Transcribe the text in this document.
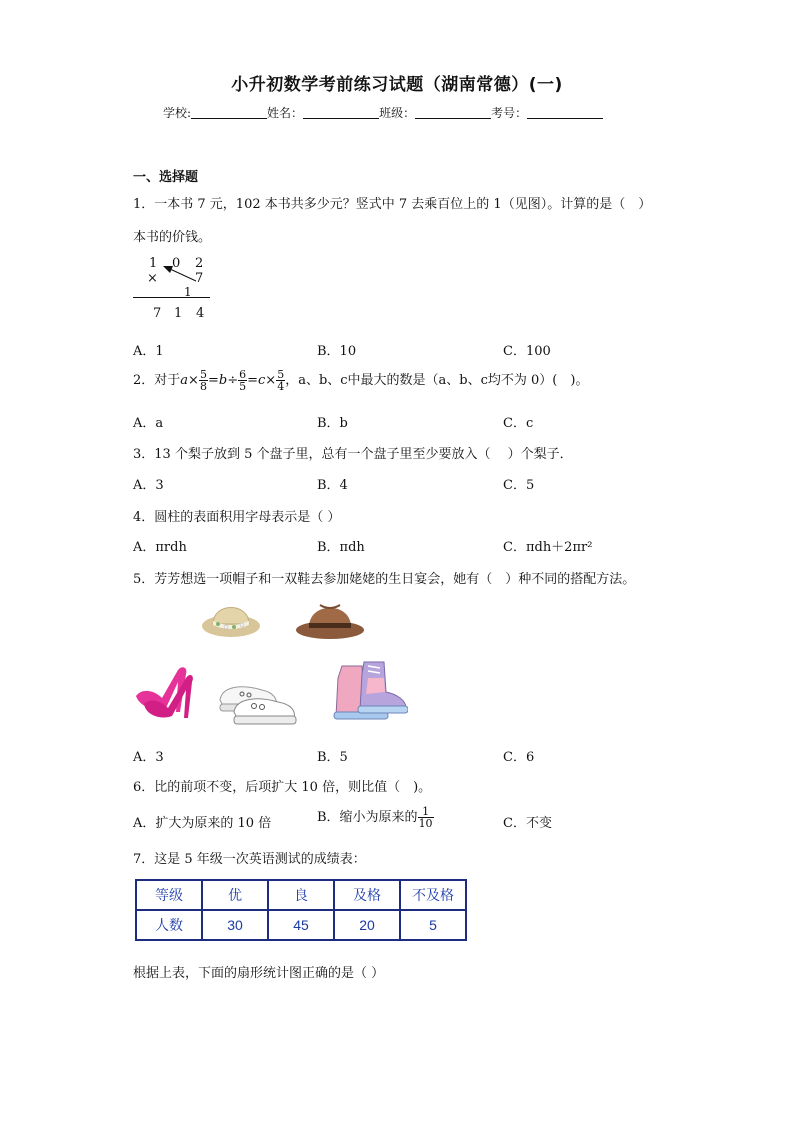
小升初数学考前练习试题（湖南常德）(一)
学校:	姓名：	班级：	考号：
一、选择题
1．一本书 7 元，102 本书共多少元？竖式中 7 去乘百位上的 1（见图）。计算的是（　）
本书的价钱。
1 0 2
×	7
1
7 1 4
A．1	B．10	C．100
2．对于$a\times \frac{5}{8} =b\div \frac{6}{5} =c\times \frac{5}{4}$ ，a、b、c中最大的数是（a、b、c均不为 0）(　)。
A．a	B．b	C．c
3．13 个梨子放到 5 个盘子里，总有一个盘子里至少要放入（　 ）个梨子．
A．3	B．4	C．5
4．圆柱的表面积用字母表示是（ ）
A．πrdh	B．πdh	C．πdh＋2πr²
5．芳芳想选一项帽子和一双鞋去参加姥姥的生日宴会，她有（　）种不同的搭配方法。
A．3	B．5	C．6
6．比的前项不变，后项扩大 10 倍，则比值（　)。
A．扩大为原来的 10 倍	B．缩小为原来的 $\frac{1}{10}$	C．不变
7．这是 5 年级一次英语测试的成绩表：
等级	优	良	及格	不及格
人数	30	45	20	5
根据上表，下面的扇形统计图正确的是（ ）
